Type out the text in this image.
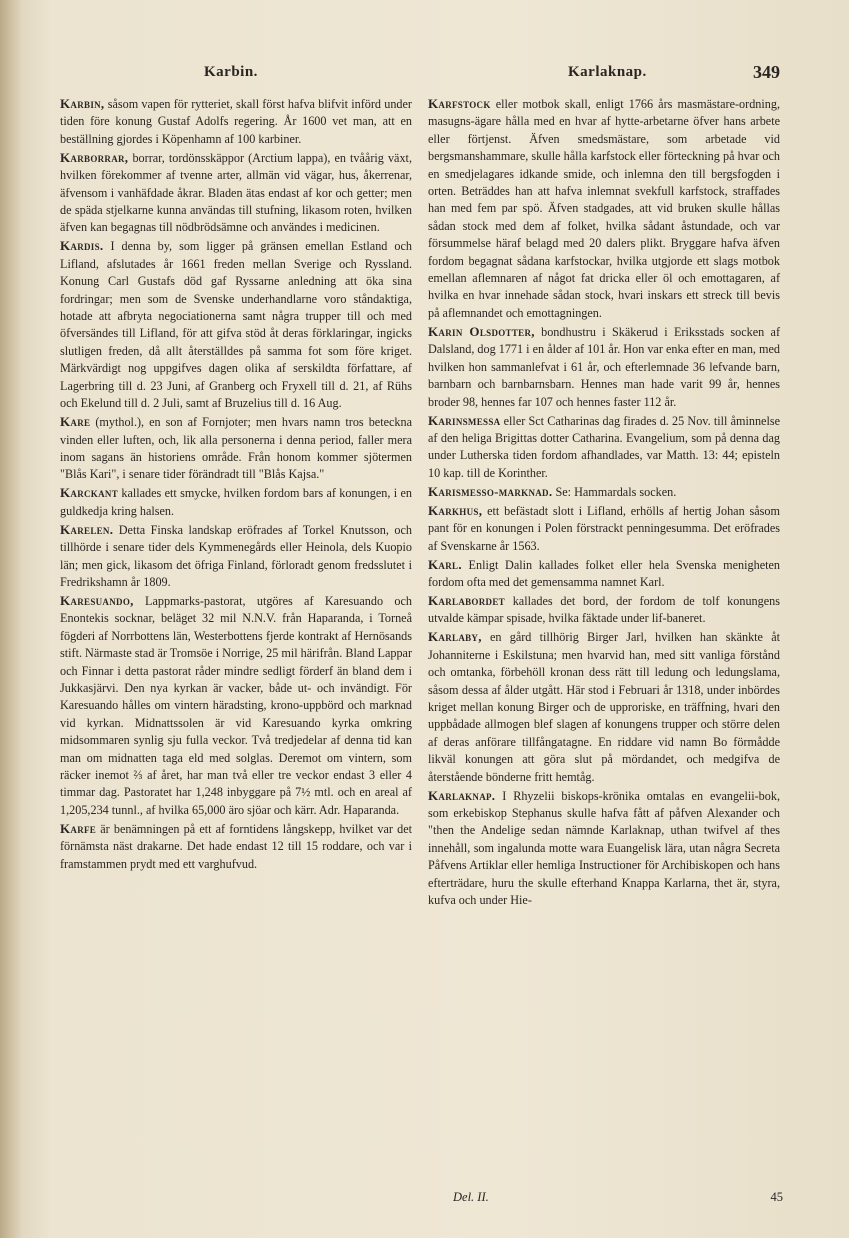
Karbin.	Karlaknap.	349

Karbin, såsom vapen för rytteriet, skall först hafva blifvit införd under tiden före konung Gustaf Adolfs regering. År 1600 vet man, att en beställning gjordes i Köpenhamn af 100 karbiner.

Karborrar, borrar, tordönsskäppor (Arctium lappa), en tvåårig växt, hvilken förekommer af tvenne arter, allmän vid vägar, hus, åkerrenar, äfvensom i vanhäfdade åkrar. Bladen ätas endast af kor och getter; men de späda stjelkarne kunna användas till stufning, likasom roten, hvilken äfven kan begagnas till nödbrödsämne och användes i medicinen.

Kardis. I denna by, som ligger på gränsen emellan Estland och Lifland, afslutades år 1661 freden mellan Sverige och Ryssland. Konung Carl Gustafs död gaf Ryssarne anledning att öka sina fordringar; men som de Svenske underhandlarne voro ståndaktiga, hotade att afbryta negociationerna samt några trupper till och med öfversändes till Lifland, för att gifva stöd åt deras förklaringar, ingicks slutligen freden, då allt återställdes på samma fot som före kriget. Märkvärdigt nog uppgifves dagen olika af serskildta författare, af Lagerbring till d. 23 Juni, af Granberg och Fryxell till d. 21, af Rühs och Ekelund till d. 2 Juli, samt af Bruzelius till d. 16 Aug.

Kare (mythol.), en son af Fornjoter; men hvars namn tros beteckna vinden eller luften, och, lik alla personerna i denna period, faller mera inom sagans än historiens område. Från honom kommer sjötermen "Blås Kari", i senare tider förändradt till "Blås Kajsa."

Karckant kallades ett smycke, hvilken fordom bars af konungen, i en guldkedja kring halsen.

Karelen. Detta Finska landskap eröfrades af Torkel Knutsson, och tillhörde i senare tider dels Kymmenegårds eller Heinola, dels Kuopio län; men gick, likasom det öfriga Finland, förloradt genom fredsslutet i Fredrikshamn år 1809.

Karesuando, Lappmarks-pastorat, utgöres af Karesuando och Enontekis socknar, beläget 32 mil N.N.V. från Haparanda, i Torneå fögderi af Norrbottens län, Westerbottens fjerde kontrakt af Hernösands stift. Närmaste stad är Tromsöe i Norrige, 25 mil härifrån. Bland Lappar och Finnar i detta pastorat råder mindre sedligt förderf än bland dem i Jukkasjärvi. Den nya kyrkan är vacker, både ut- och invändigt. För Karesuando hålles om vintern häradsting, krono-uppbörd och marknad vid kyrkan. Midnattssolen är vid Karesuando kyrka omkring midsommaren synlig sju fulla veckor. Två tredjedelar af denna tid kan man om midnatten taga eld med solglas. Deremot om vintern, som räcker inemot ⅔ af året, har man två eller tre veckor endast 3 eller 4 timmar dag. Pastoratet har 1,248 inbyggare på 7½ mtl. och en areal af 1,205,234 tunnl., af hvilka 65,000 äro sjöar och kärr. Adr. Haparanda.

Karfe är benämningen på ett af forntidens långskepp, hvilket var det förnämsta näst drakarne. Det hade endast 12 till 15 roddare, och var i framstammen prydt med ett varghufvud.

Karfstock eller motbok skall, enligt 1766 års masmästare-ordning, masugns-ägare hålla med en hvar af hytte-arbetarne öfver hans arbete eller förtjenst. Äfven smedsmästare, som arbetade vid bergsmanshammare, skulle hålla karfstock eller förteckning på hvar och en smedjelagares idkande smide, och inlemna den till bergsfogden i orten. Beträddes han att hafva inlemnat svekfull karfstock, straffades han med fem par spö. Äfven stadgades, att vid bruken skulle hållas sådan stock med dem af folket, hvilka sådant åstundade, och var försummelse häraf belagd med 20 dalers plikt. Bryggare hafva äfven fordom begagnat sådana karfstockar, hvilka utgjorde ett slags motbok emellan aflemnaren af något fat dricka eller öl och emottagaren, af hvilka en hvar innehade sådan stock, hvari inskars ett streck till bevis på aflemnandet och emottagningen.

Karin Olsdotter, bondhustru i Skäkerud i Eriksstads socken af Dalsland, dog 1771 i en ålder af 101 år. Hon var enka efter en man, med hvilken hon sammanlefvat i 61 år, och efterlemnade 36 lefvande barn, barnbarn och barnbarnsbarn. Hennes man hade varit 99 år, hennes broder 98, hennes far 107 och hennes faster 112 år.

Karinsmessa eller Sct Catharinas dag firades d. 25 Nov. till åminnelse af den heliga Brigittas dotter Catharina. Evangelium, som på denna dag under Lutherska tiden fordom afhandlades, var Matth. 13: 44; episteln 10 kap. till de Korinther.

Karismesso-marknad. Se: Hammardals socken.

Karkhus, ett befästadt slott i Lifland, erhölls af hertig Johan såsom pant för en konungen i Polen förstrackt penningesumma. Det eröfrades af Svenskarne år 1563.

Karl. Enligt Dalin kallades folket eller hela Svenska menigheten fordom ofta med det gemensamma namnet Karl.

Karlabordet kallades det bord, der fordom de tolf konungens utvalde kämpar spisade, hvilka fäktade under lif-baneret.

Karlaby, en gård tillhörig Birger Jarl, hvilken han skänkte åt Johanniterne i Eskilstuna; men hvarvid han, med sitt vanliga förstånd och omtanka, förbehöll kronan dess rätt till ledung och ledungslama, såsom dessa af ålder utgått. Här stod i Februari år 1318, under inbördes kriget mellan konung Birger och de upproriske, en träffning, hvari den uppbådade allmogen blef slagen af konungens trupper och större delen af deras anförare tillfångatagne. En riddare vid namn Bo förmådde likväl konungen att göra slut på mördandet, och medgifva de återstående bönderne fritt hemtåg.

Karlaknap. I Rhyzelii biskops-krönika omtalas en evangelii-bok, som erkebiskop Stephanus skulle hafva fått af påfven Alexander och "then the Andelige sedan nämnde Karlaknap, uthan twifvel af thes innehåll, som ingalunda motte wara Euangelisk lära, utan några Secreta Påfvens Artiklar eller hemliga Instructioner för Archibiskopen och hans efterträdare, huru the skulle efterhand Knappa Karlarna, thet är, styra, kufva och under Hie-

Del. II.	45
